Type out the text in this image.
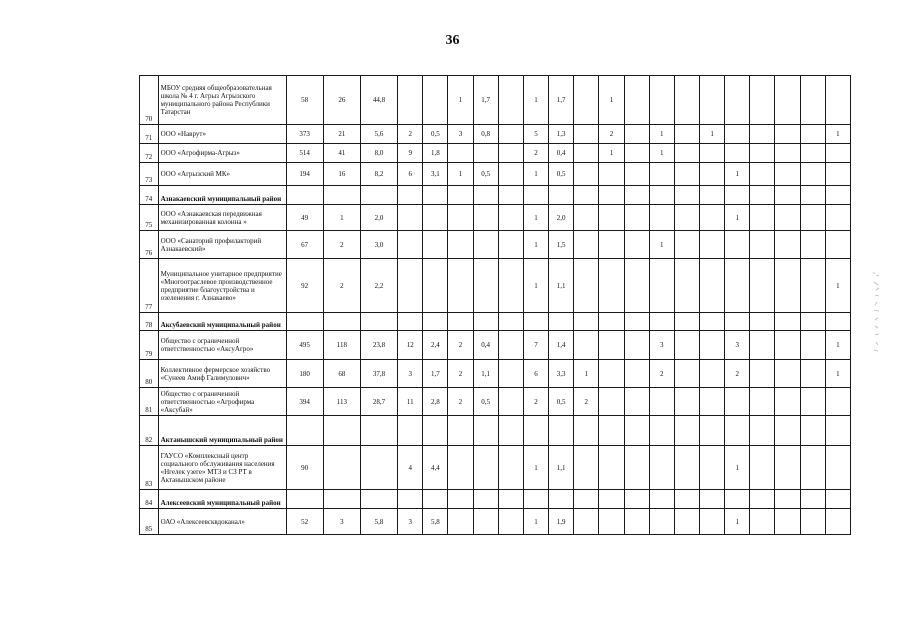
36
70	МБОУ средняя общеобразовательная школа № 4 г. Агрыз Агрызского муниципального района Республики Татарстан	58	26	44,8			1	1,7		1	1,7		1									
71	ООО «Наврут»	373	21	5,6	2	0,5	3	0,8		5	1,3		2		1		1					1
72	ООО «Агрофирма-Агрыз»	514	41	8,0	9	1,8				2	0,4		1		1							
73	ООО «Агрызский МК»	194	16	8,2	6	3,1	1	0,5		1	0,5							1				
74	Азнакаевский муниципальный район																					
75	ООО «Азнакаевская передвижная механизированная колонна »	49	1	2,0						1	2,0							1				
76	ООО «Санаторий профилакторий Азнакаевский»	67	2	3,0						1	1,5				1							
77	Муниципальное унитарное предприятие «Многоотраслевое производственное предприятие благоустройства и озеленения г. Азнакаево»	92	2	2,2						1	1,1											1
78	Аксубаевский муниципальный район																					
79	Общество с ограниченной ответственностью «АксуАгро»	495	118	23,8	12	2,4	2	0,4		7	1,4				3			3				1
80	Коллективное фермерское хозяйство «Сунеев Амиф Галимулович»	180	68	37,8	3	1,7	2	1,1		6	3,3	1			2			2				1
81	Общество с ограниченной ответственностью «Агрофирма «Аксубай»	394	113	28,7	11	2,8	2	0,5		2	0,5	2										
82	Актанышский муниципальный район																					
83	ГАУСО «Комплексный центр социального обслуживания населения «Нгелек узеге» МТЗ и СЗ РТ в Актанышском районе	90			4	4,4				1	1,1							1				
84	Алексеевский муниципальный район																					
85	ОАО «Алексеевсквдоканал»	52	3	5,8	3	5,8				1	1,9							1				
